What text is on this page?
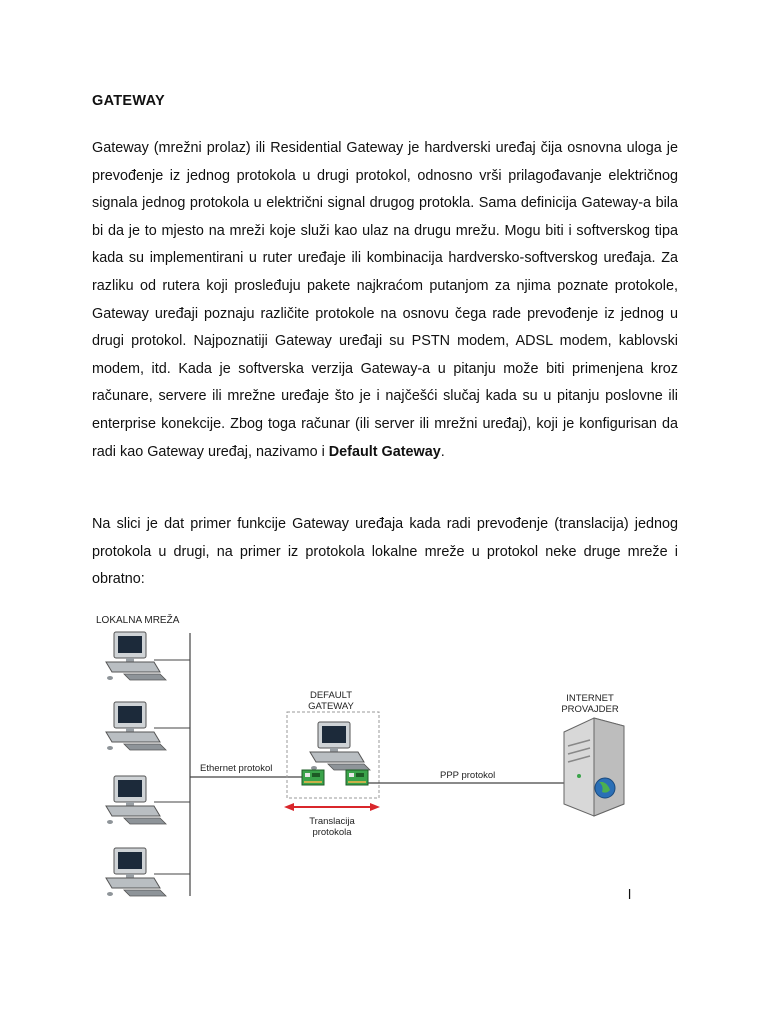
GATEWAY

Gateway (mrežni prolaz) ili Residential Gateway je hardverski uređaj čija osnovna uloga je prevođenje iz jednog protokola u drugi protokol, odnosno vrši prilagođavanje električnog signala jednog protokola u električni signal drugog protokla. Sama definicija Gateway-a bila bi da je to mjesto na mreži koje služi kao ulaz na drugu mrežu. Mogu biti i softverskog tipa kada su implementirani u ruter uređaje ili kombinacija hardversko-softverskog uređaja. Za razliku od rutera koji prosleđuju pakete najkraćom putanjom za njima poznate protokole, Gateway uređaji poznaju različite protokole na osnovu čega rade prevođenje iz jednog u drugi protokol. Najpoznatiji Gateway uređaji su PSTN modem, ADSL modem, kablovski modem, itd. Kada je softverska verzija Gateway-a u pitanju može biti primenjena kroz računare, servere ili mrežne uređaje što je i najčešći slučaj kada su u pitanju poslovne ili enterprise konekcije. Zbog toga računar (ili server ili mrežni uređaj), koji je konfigurisan da radi kao Gateway uređaj, nazivamo i Default Gateway.

Na slici je dat primer funkcije Gateway uređaja kada radi prevođenje (translacija) jednog protokola u drugi, na primer iz protokola lokalne mreže u protokol neke druge mreže i obratno:

LOKALNA MREŽA
Ethernet protokol
DEFAULT
GATEWAY
Translacija
protokola
PPP protokol
INTERNET
PROVAJDER
l
